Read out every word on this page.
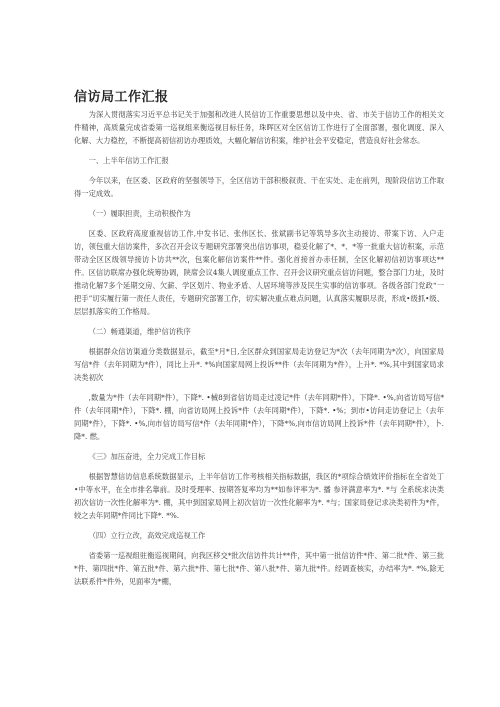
信访局工作汇报

为深入贯彻落实习近平总书记关于加强和改进人民信访工作重要思想以及中央、省、市关于信访工作的相关文件精神，高质量完成省委第一巡视组来衡巡视目标任务，珠晖区对全区信访工作进行了全面部署，强化调度、深入化解、大力稳控，不断提高初信初访办理质效，大幅化解信访积案，维护社会平安稳定，营造良好社会常态。

一、上半年信访工作汇报

今年以来，在区委、区政府的坚强领导下，全区信访干部积极叙责、干在实处、走在前列，现阶段信访工作取得一定成效。

（一）履职担责，主动积极作为

区委、区政府高度重视信访工作,中发书记、张伟区长、张斌副书记等筑导多次主动接访、带案下访、入户走访，领包重大信访案件，多次召开会议专题研究部署突出信访事项，稳妥化解了*、*、*等一批重大信访积案，示范带动全区区级领导接访卜访共**次，包案化解信访案件**件。强化首接首办赤任制，全区化解初信初访事项达**件。区信访联席办强化统筹协调，陕席会议4集人调度重点工作、召开会议研究重点信访问题，整合部门力址，及时推动化解7多个延期交房、欠薪、学区划片、物业矛盾、人居环境等涉及民生实事的信访事项。各级各部门党政“一把手”切实履行第一责任人责任，专题研究部署工作，切实解决重点难点问题，认真落实履职尽责，形成•级抓•级、层层抓落实的工作格局。

（二）畅通渠道，维护信访秩序

根据群众信访渠道分类数据显示，截至*月*日,全区群众到国家局走访登记为*次（去年同期为*次），向国家局写信*件（去年同期为*件），同比上升*. *%向国家局网上投诉**件（去年同期为*件），上升*. *%,其中到国家局求决类初次

,数量为*件（去年同期*件），下降*. •械8到省信访局走过凌记*件（去年同期*件），下降*. •%,向省访局写信*件（去年同期*件），下降*. 棚，向省访局网上投诉*件（去年同期*件），下降*. •%；到市•访问走访登记上（去年同期*件），下降*. •%,向市信访局写信*件（去年同期*件），下降*%,向市信访局网上投诉*件（去年同期*件），卜. 降*. 燃。

《三》加压奋进，全力完成工作目标

根据智慧信访信息系统数据显示，上半年信访工作考核相关指标数据，我区的*项综合绩效评价指标在全省处丁•中等水平，在全市排名靠前。及时受理率、按期答复率均为**如参评率为*. 播 参评满意率为*. *与 全系统求决类初次信访一次性化解率为*. 棚，其中到国家局网上初次信访一次性化解率为*. *与；国家局登记求决类初件为*件，较之去年同期*件同比下降*. *%.

（四）立行立改，高效完成巡视工作

省委第一巡视组驻衡巡视期间，向我区移交*批次信访件共计**件，其中第一批信访件*件、第二批*件、第三批*件、第四批*件、第五批*件、第六批*件、第七批*件、第八批*件、第九批*件。经调查核实，办结率为*. *%,除无法联系件*件外，见面率为*棚，
